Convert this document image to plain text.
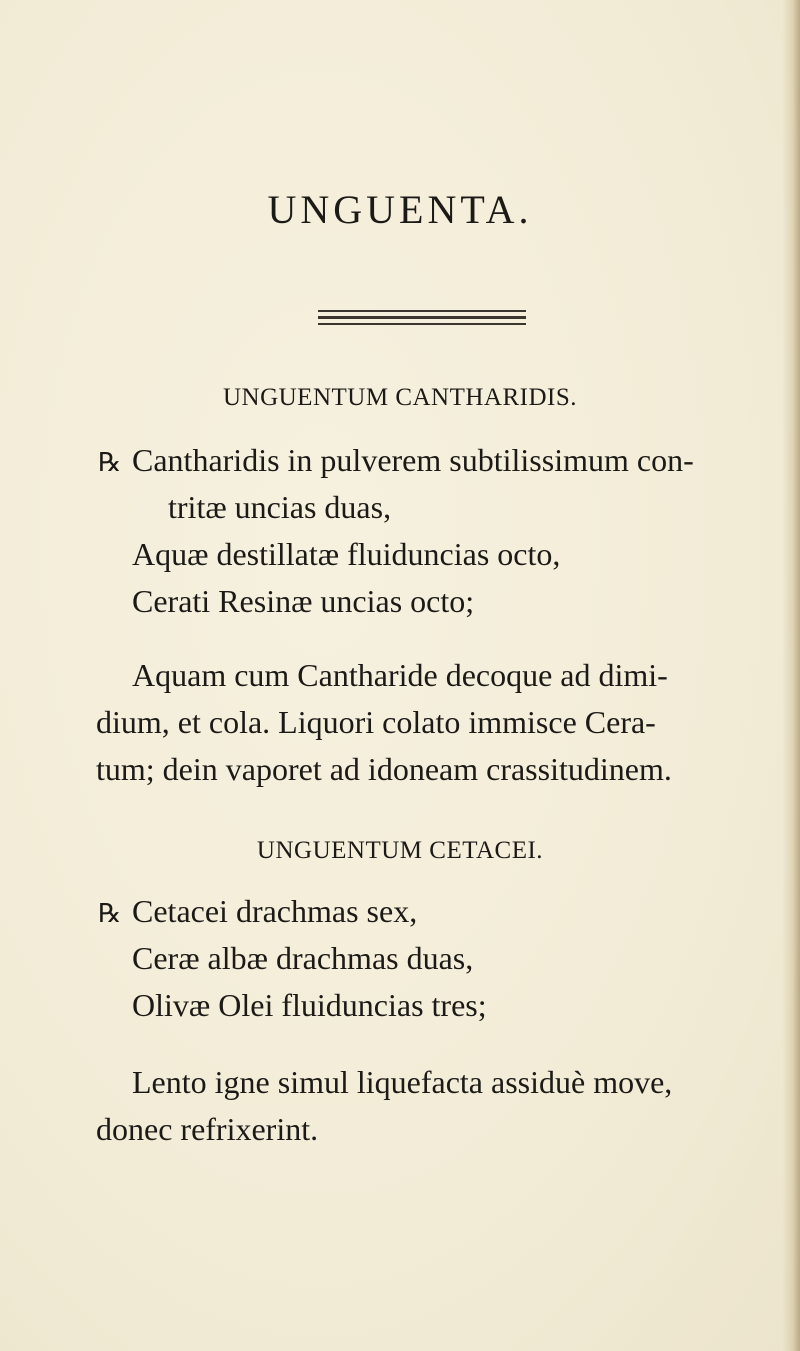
UNGUENTA.
UNGUENTUM CANTHARIDIS.
℞ Cantharidis in pulverem subtilissimum con-
tritæ uncias duas,
Aquæ destillatæ fluiduncias octo,
Cerati Resinæ uncias octo;
Aquam cum Cantharide decoque ad dimi-
dium, et cola. Liquori colato immisce Cera-
tum; dein vaporet ad idoneam crassitudinem.
UNGUENTUM CETACEI.
℞ Cetacei drachmas sex,
Ceræ albæ drachmas duas,
Olivæ Olei fluiduncias tres;
Lento igne simul liquefacta assiduè move,
donec refrixerint.
